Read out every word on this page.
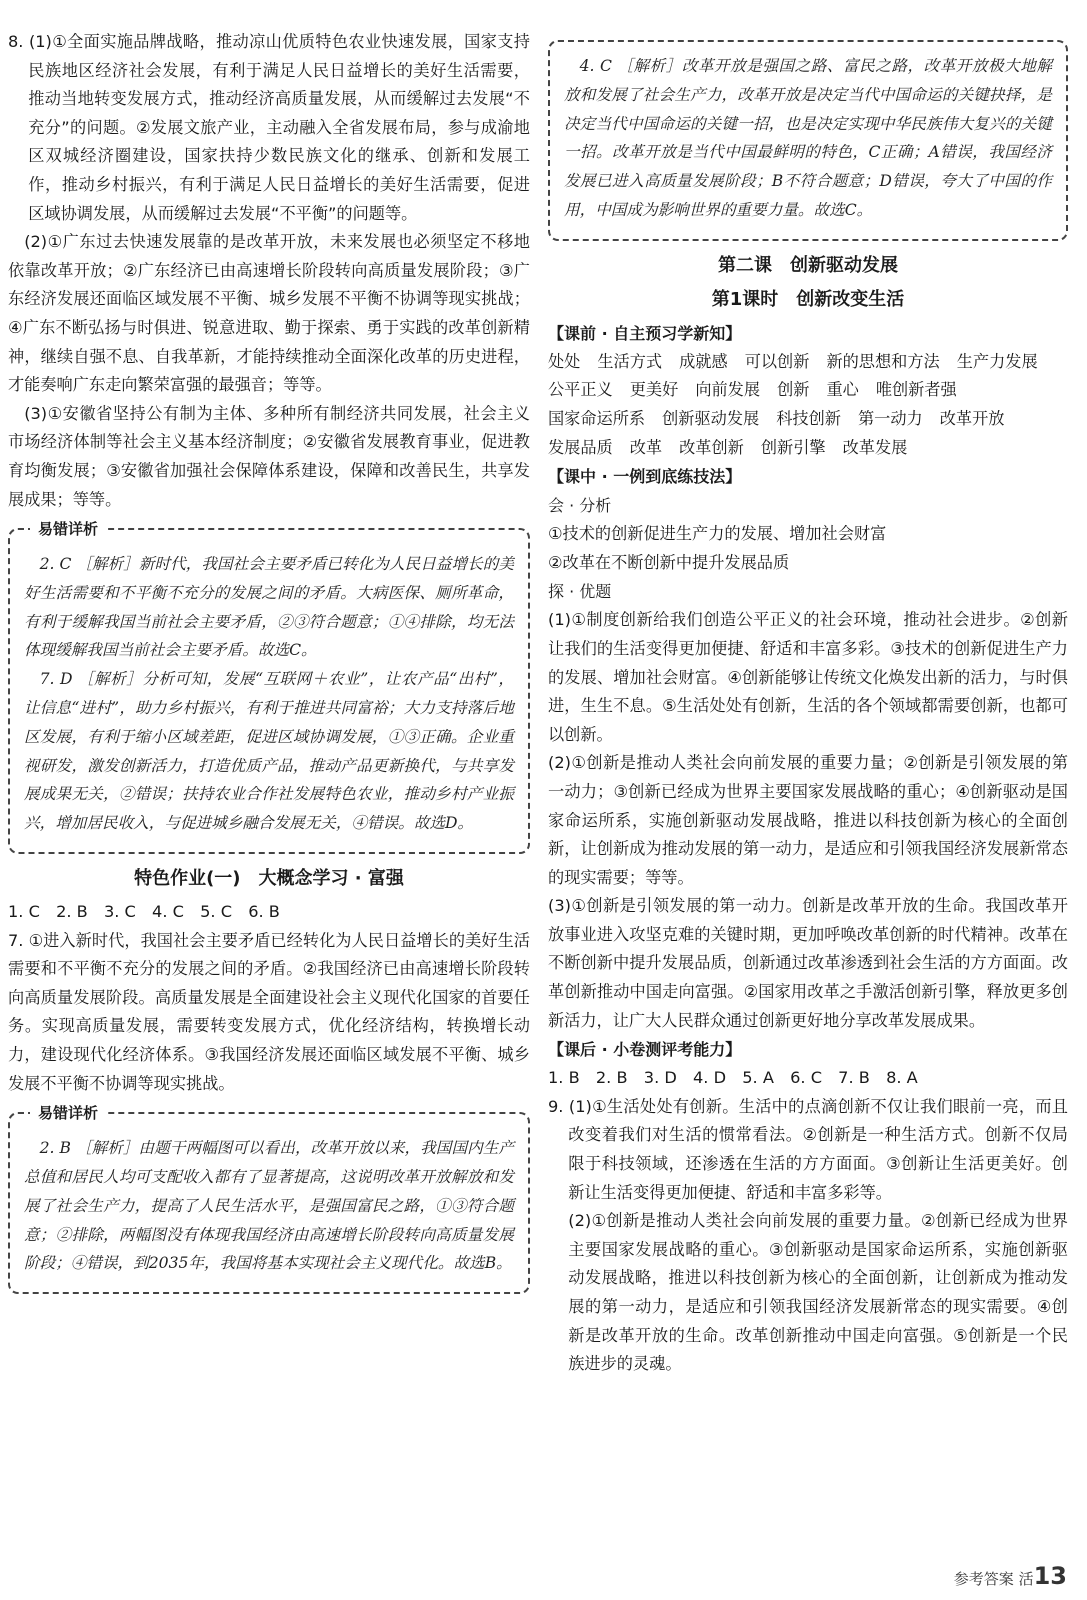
8. (1)①全面实施品牌战略，推动凉山优质特色农业快速发展，国家支持民族地区经济社会发展，有利于满足人民日益增长的美好生活需要，推动当地转变发展方式，推动经济高质量发展，从而缓解过去发展“不充分”的问题。②发展文旅产业，主动融入全省发展布局，参与成渝地区双城经济圈建设，国家扶持少数民族文化的继承、创新和发展工作，推动乡村振兴，有利于满足人民日益增长的美好生活需要，促进区域协调发展，从而缓解过去发展“不平衡”的问题等。

(2)①广东过去快速发展靠的是改革开放，未来发展也必须坚定不移地依靠改革开放；②广东经济已由高速增长阶段转向高质量发展阶段；③广东经济发展还面临区域发展不平衡、城乡发展不平衡不协调等现实挑战；④广东不断弘扬与时俱进、锐意进取、勤于探索、勇于实践的改革创新精神，继续自强不息、自我革新，才能持续推动全面深化改革的历史进程，才能奏响广东走向繁荣富强的最强音；等等。

(3)①安徽省坚持公有制为主体、多种所有制经济共同发展，社会主义市场经济体制等社会主义基本经济制度；②安徽省发展教育事业，促进教育均衡发展；③安徽省加强社会保障体系建设，保障和改善民生，共享发展成果；等等。

易错详析

2. C ［解析］新时代，我国社会主要矛盾已转化为人民日益增长的美好生活需要和不平衡不充分的发展之间的矛盾。大病医保、厕所革命，有利于缓解我国当前社会主要矛盾，②③符合题意；①④排除，均无法体现缓解我国当前社会主要矛盾。故选C。

7. D ［解析］分析可知，发展“互联网＋农业”，让农产品“出村”，让信息“进村”，助力乡村振兴，有利于推进共同富裕；大力支持落后地区发展，有利于缩小区域差距，促进区域协调发展，①③正确。企业重视研发，激发创新活力，打造优质产品，推动产品更新换代，与共享发展成果无关，②错误；扶持农业合作社发展特色农业，推动乡村产业振兴，增加居民收入，与促进城乡融合发展无关，④错误。故选D。

特色作业(一)　大概念学习 · 富强

1. C　2. B　3. C　4. C　5. C　6. B

7. ①进入新时代，我国社会主要矛盾已经转化为人民日益增长的美好生活需要和不平衡不充分的发展之间的矛盾。②我国经济已由高速增长阶段转向高质量发展阶段。高质量发展是全面建设社会主义现代化国家的首要任务。实现高质量发展，需要转变发展方式，优化经济结构，转换增长动力，建设现代化经济体系。③我国经济发展还面临区域发展不平衡、城乡发展不平衡不协调等现实挑战。

易错详析

2. B ［解析］由题干两幅图可以看出，改革开放以来，我国国内生产总值和居民人均可支配收入都有了显著提高，这说明改革开放解放和发展了社会生产力，提高了人民生活水平，是强国富民之路，①③符合题意；②排除，两幅图没有体现我国经济由高速增长阶段转向高质量发展阶段；④错误，到2035年，我国将基本实现社会主义现代化。故选B。

4. C ［解析］改革开放是强国之路、富民之路，改革开放极大地解放和发展了社会生产力，改革开放是决定当代中国命运的关键抉择，是决定当代中国命运的关键一招，也是决定实现中华民族伟大复兴的关键一招。改革开放是当代中国最鲜明的特色，C正确；A错误，我国经济发展已进入高质量发展阶段；B不符合题意；D错误，夸大了中国的作用，中国成为影响世界的重要力量。故选C。

第二课　创新驱动发展
第1课时　创新改变生活
【课前 · 自主预习学新知】
处处 生活方式 成就感 可以创新 新的思想和方法 生产力发展
公平正义 更美好 向前发展 创新 重心 唯创新者强
国家命运所系 创新驱动发展 科技创新 第一动力 改革开放
发展品质 改革 改革创新 创新引擎 改革发展
【课中 · 一例到底练技法】
会 · 分析

①技术的创新促进生产力的发展、增加社会财富

②改革在不断创新中提升发展品质

探 · 优题

(1)①制度创新给我们创造公平正义的社会环境，推动社会进步。②创新让我们的生活变得更加便捷、舒适和丰富多彩。③技术的创新促进生产力的发展、增加社会财富。④创新能够让传统文化焕发出新的活力，与时俱进，生生不息。⑤生活处处有创新，生活的各个领域都需要创新，也都可以创新。

(2)①创新是推动人类社会向前发展的重要力量；②创新是引领发展的第一动力；③创新已经成为世界主要国家发展战略的重心；④创新驱动是国家命运所系，实施创新驱动发展战略，推进以科技创新为核心的全面创新，让创新成为推动发展的第一动力，是适应和引领我国经济发展新常态的现实需要；等等。

(3)①创新是引领发展的第一动力。创新是改革开放的生命。我国改革开放事业进入攻坚克难的关键时期，更加呼唤改革创新的时代精神。改革在不断创新中提升发展品质，创新通过改革渗透到社会生活的方方面面。改革创新推动中国走向富强。②国家用改革之手激活创新引擎，释放更多创新活力，让广大人民群众通过创新更好地分享改革发展成果。

【课后 · 小卷测评考能力】

1. B　2. B　3. D　4. D　5. A　6. C　7. B　8. A

9. (1)①生活处处有创新。生活中的点滴创新不仅让我们眼前一亮，而且改变着我们对生活的惯常看法。②创新是一种生活方式。创新不仅局限于科技领域，还渗透在生活的方方面面。③创新让生活更美好。创新让生活变得更加便捷、舒适和丰富多彩等。

(2)①创新是推动人类社会向前发展的重要力量。②创新已经成为世界主要国家发展战略的重心。③创新驱动是国家命运所系，实施创新驱动发展战略，推进以科技创新为核心的全面创新，让创新成为推动发展的第一动力，是适应和引领我国经济发展新常态的现实需要。④创新是改革开放的生命。改革创新推动中国走向富强。⑤创新是一个民族进步的灵魂。

参考答案 活13
